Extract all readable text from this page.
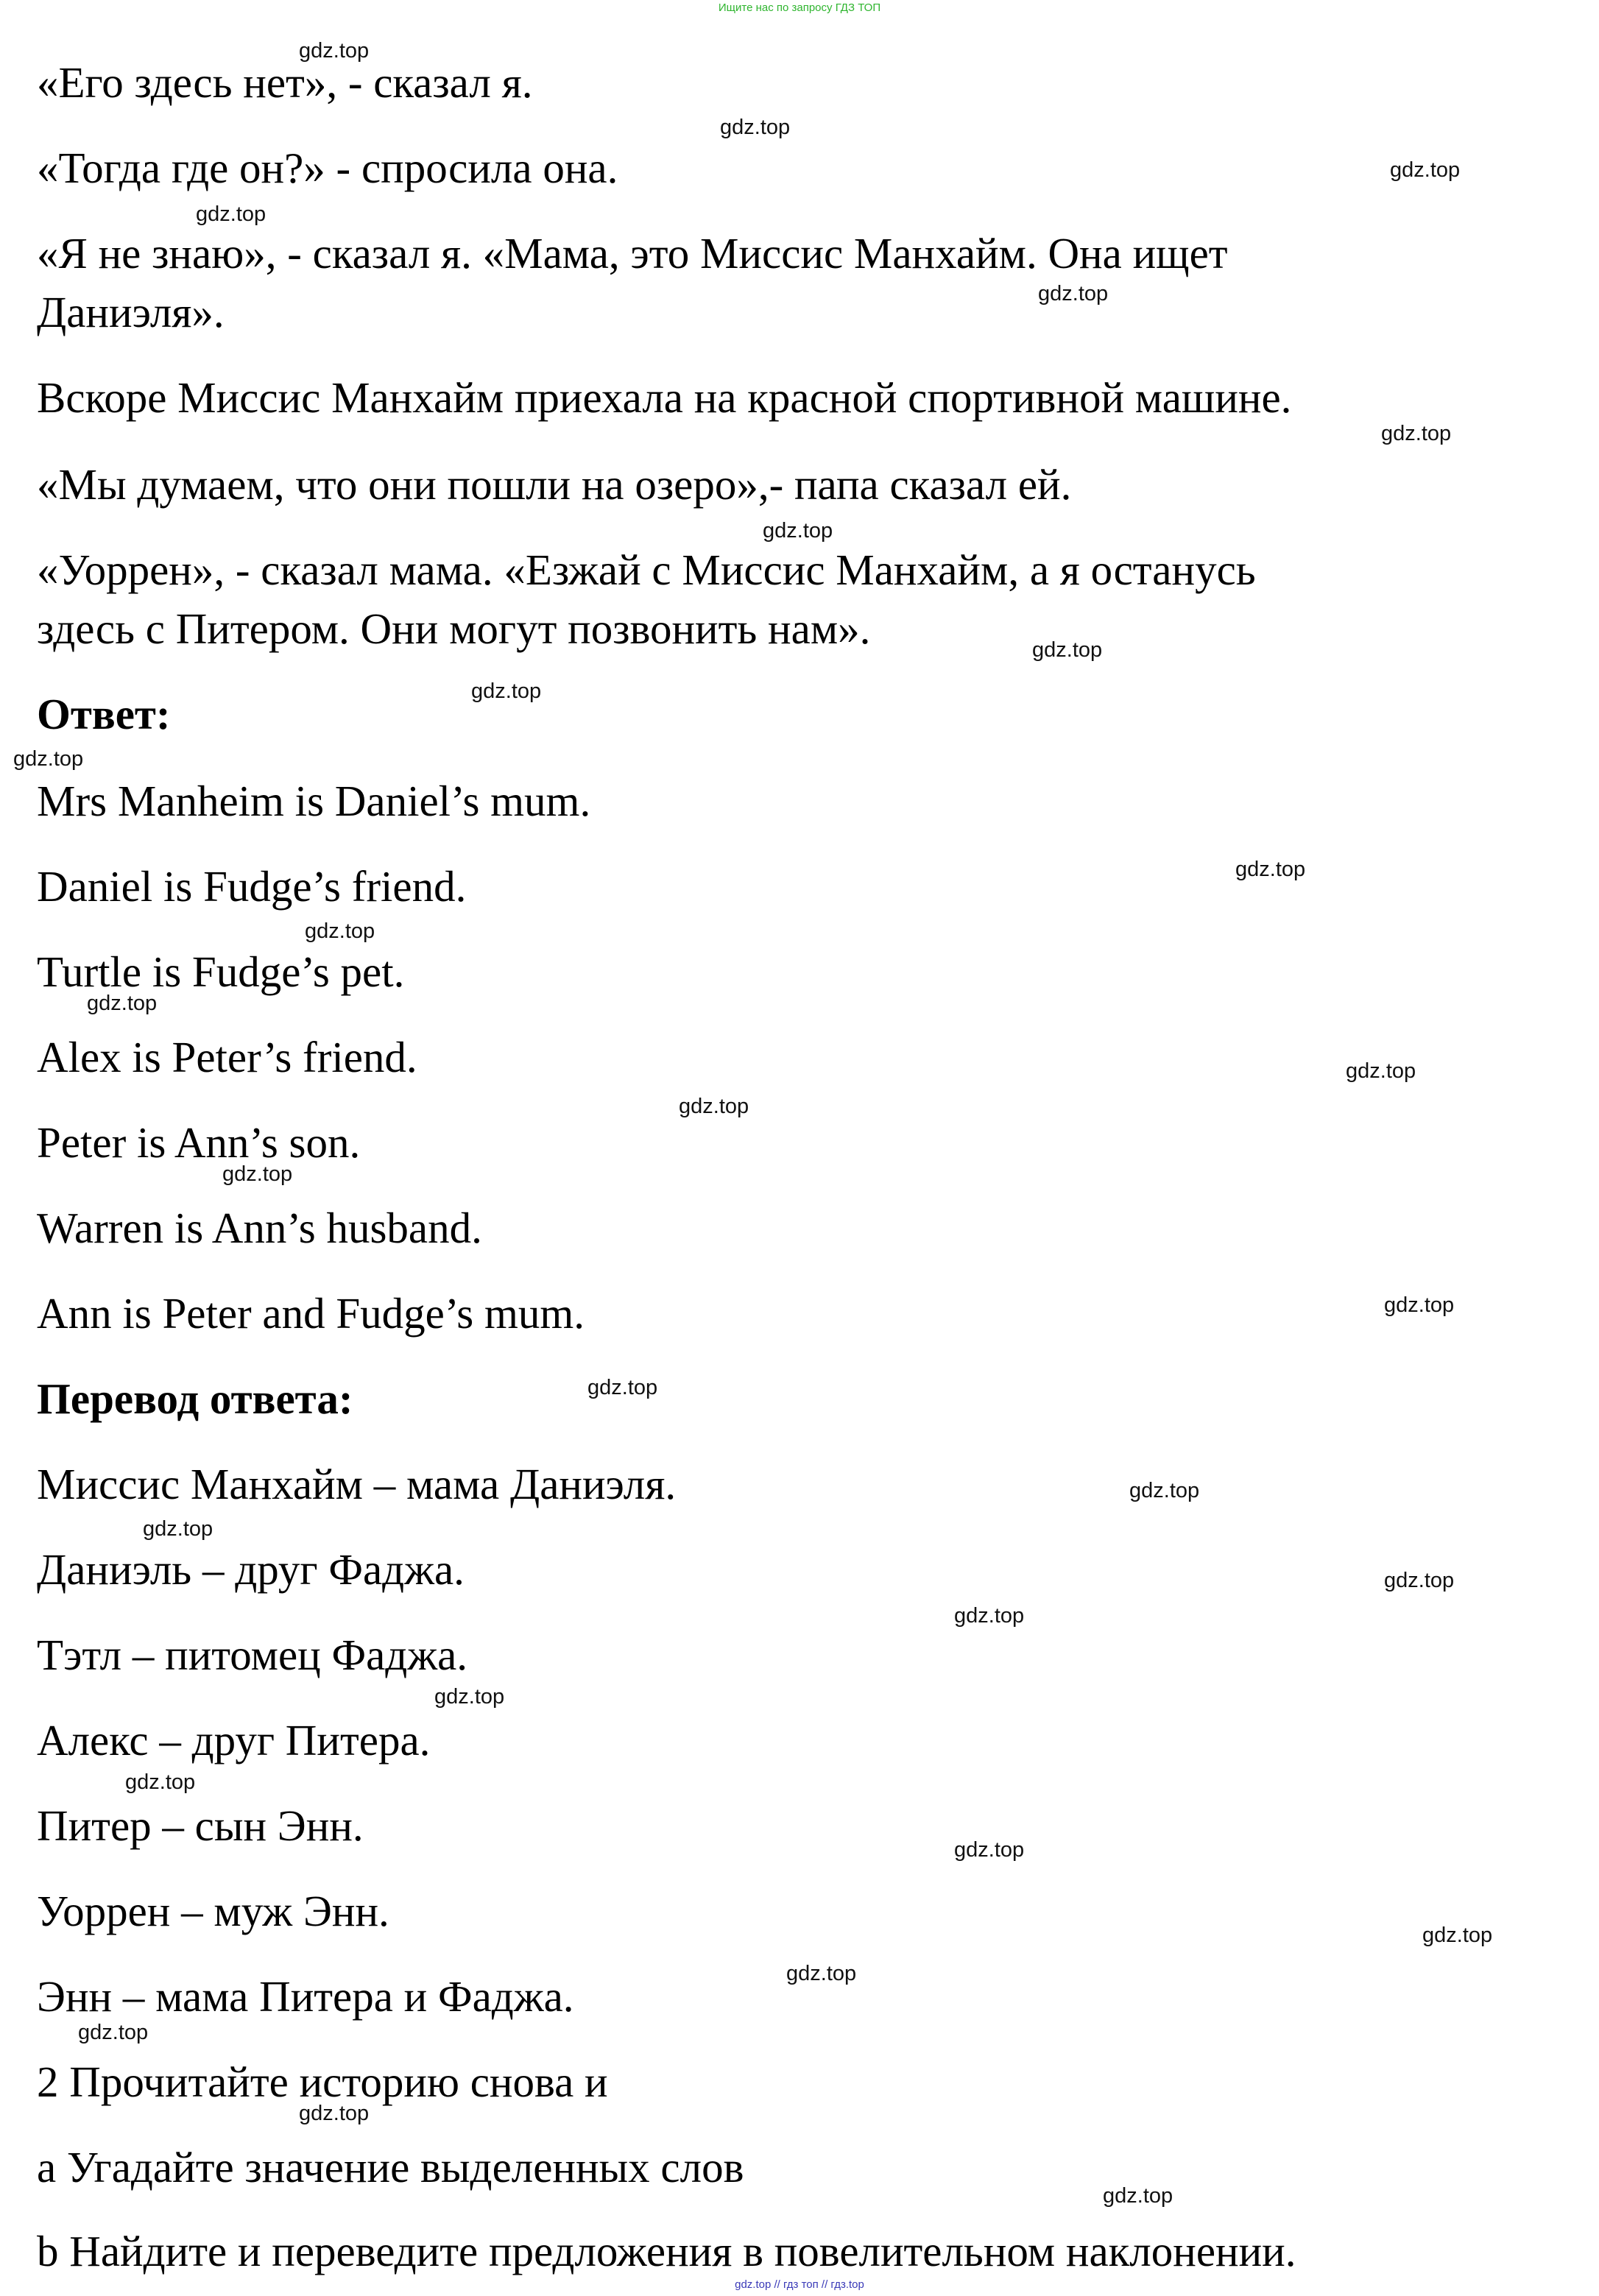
Ищите нас по запросу ГДЗ ТОП

«Его здесь нет», - сказал я.

«Тогда где он?» - спросила она.

«Я не знаю», - сказал я. «Мама, это Миссис Манхайм. Она ищет

Даниэля».

Вскоре Миссис Манхайм приехала на красной спортивной машине.

«Мы думаем, что они пошли на озеро»,- папа сказал ей.

«Уоррен», - сказал мама. «Езжай с Миссис Манхайм, а я останусь

здесь с Питером. Они могут позвонить нам».

Ответ:

Mrs Manheim is Daniel’s mum.

Daniel is Fudge’s friend.

Turtle is Fudge’s pet.

Alex is Peter’s friend.

Peter is Ann’s son.

Warren is Ann’s husband.

Ann is Peter and Fudge’s mum.

Перевод ответа:

Миссис Манхайм – мама Даниэля.

Даниэль – друг Фаджа.

Тэтл – питомец Фаджа.

Алекс – друг Питера.

Питер – сын Энн.

Уоррен – муж Энн.

Энн – мама Питера и Фаджа.

2 Прочитайте историю снова и

a Угадайте значение выделенных слов

b Найдите и переведите предложения в повелительном наклонении.

gdz.top
gdz.top
gdz.top
gdz.top
gdz.top
gdz.top
gdz.top
gdz.top
gdz.top
gdz.top
gdz.top
gdz.top
gdz.top
gdz.top
gdz.top
gdz.top
gdz.top
gdz.top
gdz.top
gdz.top
gdz.top
gdz.top
gdz.top
gdz.top
gdz.top
gdz.top
gdz.top
gdz.top
gdz.top
gdz.top
gdz.top // гдз топ // гдз.top
